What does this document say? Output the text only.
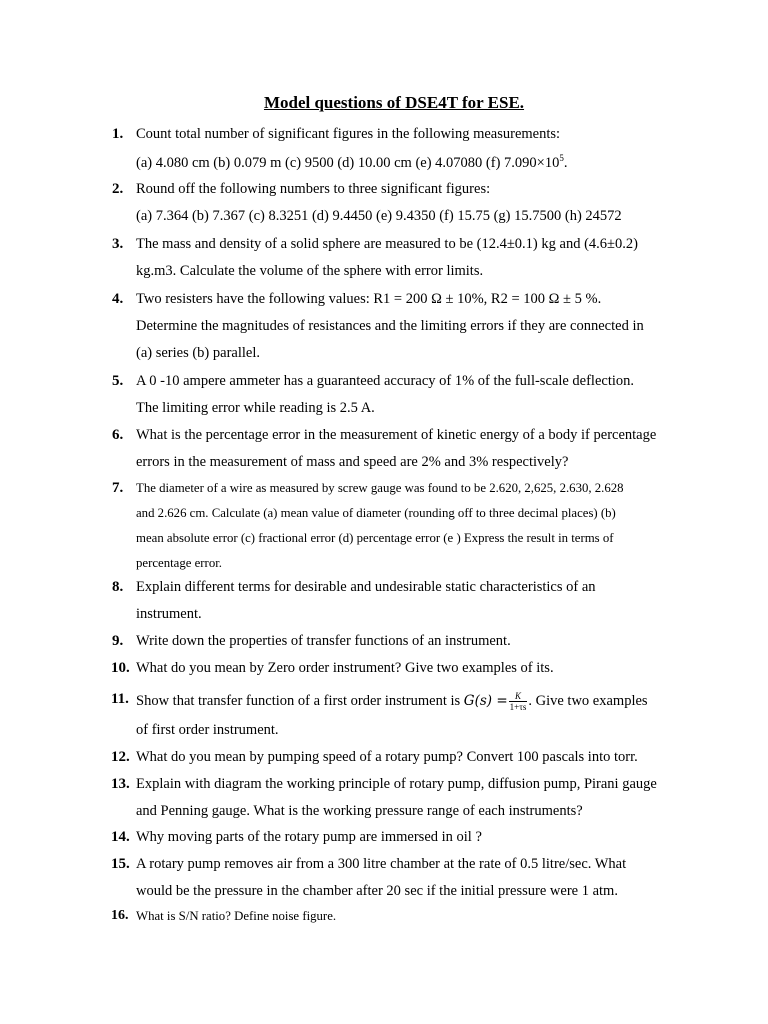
Model questions of DSE4T for ESE.
1. Count total number of significant figures in the following measurements:
(a) 4.080 cm (b) 0.079 m (c) 9500 (d) 10.00 cm (e) 4.07080 (f) $7.090\times 10^5$.
2. Round off the following numbers to three significant figures:
(a) 7.364 (b) 7.367 (c) 8.3251 (d) 9.4450 (e) 9.4350 (f) 15.75 (g) 15.7500 (h) 24572
3. The mass and density of a solid sphere are measured to be (12.4±0.1) kg and (4.6±0.2)
kg.m3. Calculate the volume of the sphere with error limits.
4. Two resisters have the following values: R1 = 200 Ω ± 10%, R2 = 100 Ω ± 5 %.
Determine the magnitudes of resistances and the limiting errors if they are connected in
(a) series (b) parallel.
5. A 0 -10 ampere ammeter has a guaranteed accuracy of 1% of the full-scale deflection.
The limiting error while reading is 2.5 A.
6. What is the percentage error in the measurement of kinetic energy of a body if percentage
errors in the measurement of mass and speed are 2% and 3% respectively?
7. The diameter of a wire as measured by screw gauge was found to be 2.620, 2,625, 2.630, 2.628
and 2.626 cm. Calculate (a) mean value of diameter (rounding off to three decimal places) (b)
mean absolute error (c) fractional error (d) percentage error (e ) Express the result in terms of
percentage error.
8. Explain different terms for desirable and undesirable static characteristics of an
instrument.
9. Write down the properties of transfer functions of an instrument.
10. What do you mean by Zero order instrument? Give two examples of its.
11. Show that transfer function of a first order instrument is $G(s) = \frac{K}{1+\tau s}$ . Give two examples
of first order instrument.
12. What do you mean by pumping speed of a rotary pump? Convert 100 pascals into torr.
13. Explain with diagram the working principle of rotary pump, diffusion pump, Pirani gauge
and Penning gauge. What is the working pressure range of each instruments?
14. Why moving parts of the rotary pump are immersed in oil ?
15. A rotary pump removes air from a 300 litre chamber at the rate of 0.5 litre/sec. What
would be the pressure in the chamber after 20 sec if the initial pressure were 1 atm.
16. What is S/N ratio? Define noise figure.
